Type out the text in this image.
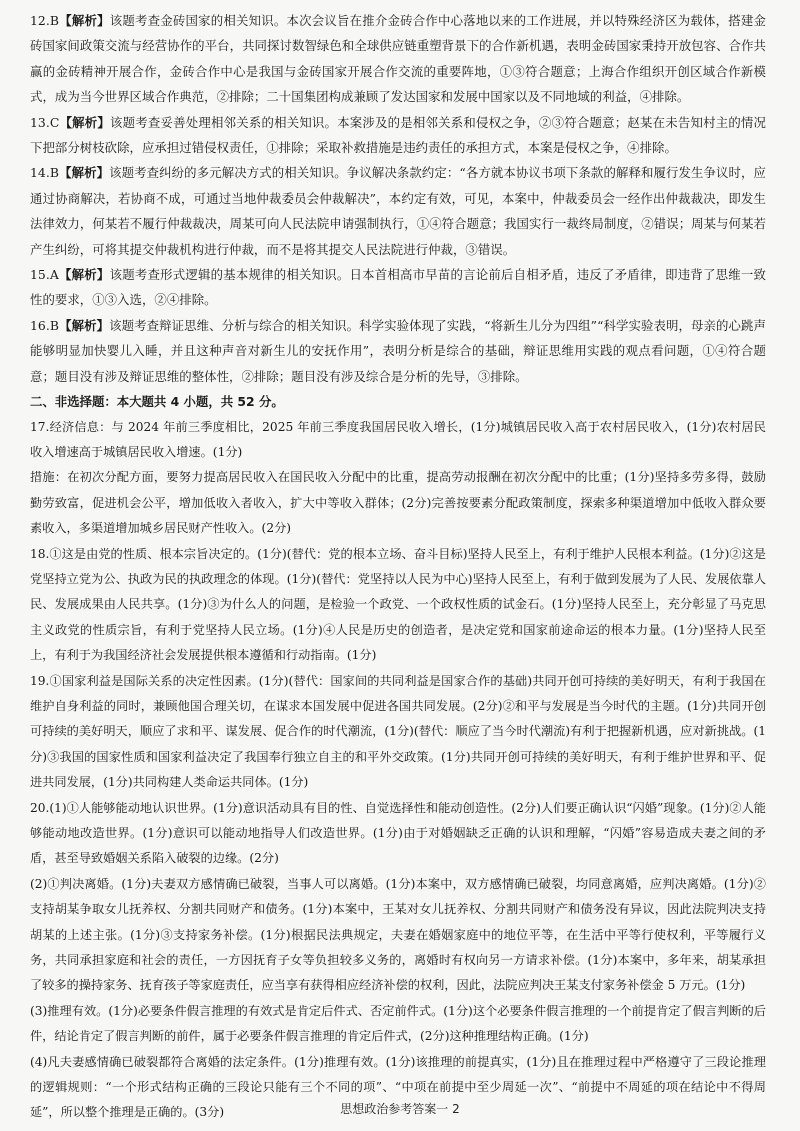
12.B【解析】该题考查金砖国家的相关知识。本次会议旨在推介金砖合作中心落地以来的工作进展，并以特殊经济区为载体，搭建金砖国家间政策交流与经营协作的平台，共同探讨数智绿色和全球供应链重塑背景下的合作新机遇，表明金砖国家秉持开放包容、合作共赢的金砖精神开展合作，金砖合作中心是我国与金砖国家开展合作交流的重要阵地，①③符合题意；上海合作组织开创区域合作新模式，成为当今世界区域合作典范，②排除；二十国集团构成兼顾了发达国家和发展中国家以及不同地域的利益，④排除。

13.C【解析】该题考查妥善处理相邻关系的相关知识。本案涉及的是相邻关系和侵权之争，②③符合题意；赵某在未告知村主的情况下把部分树枝砍除，应承担过错侵权责任，①排除；采取补救措施是违约责任的承担方式，本案是侵权之争，④排除。

14.B【解析】该题考查纠纷的多元解决方式的相关知识。争议解决条款约定：“各方就本协议书项下条款的解释和履行发生争议时，应通过协商解决，若协商不成，可通过当地仲裁委员会仲裁解决”，本约定有效，可见，本案中，仲裁委员会一经作出仲裁裁决，即发生法律效力，何某若不履行仲裁裁决，周某可向人民法院申请强制执行，①④符合题意；我国实行一裁终局制度，②错误；周某与何某若产生纠纷，可将其提交仲裁机构进行仲裁，而不是将其提交人民法院进行仲裁，③错误。

15.A【解析】该题考查形式逻辑的基本规律的相关知识。日本首相高市早苗的言论前后自相矛盾，违反了矛盾律，即违背了思维一致性的要求，①③入选，②④排除。

16.B【解析】该题考查辩证思维、分析与综合的相关知识。科学实验体现了实践，“将新生儿分为四组”“科学实验表明，母亲的心跳声能够明显加快婴儿入睡，并且这种声音对新生儿的安抚作用”，表明分析是综合的基础，辩证思维用实践的观点看问题，①④符合题意；题目没有涉及辩证思维的整体性，②排除；题目没有涉及综合是分析的先导，③排除。

二、非选择题：本大题共 4 小题，共 52 分。

17.经济信息：与 2024 年前三季度相比，2025 年前三季度我国居民收入增长，(1分)城镇居民收入高于农村居民收入，(1分)农村居民收入增速高于城镇居民收入增速。(1分)

措施：在初次分配方面，要努力提高居民收入在国民收入分配中的比重，提高劳动报酬在初次分配中的比重；(1分)坚持多劳多得，鼓励勤劳致富，促进机会公平，增加低收入者收入，扩大中等收入群体；(2分)完善按要素分配政策制度，探索多种渠道增加中低收入群众要素收入，多渠道增加城乡居民财产性收入。(2分)

18.①这是由党的性质、根本宗旨决定的。(1分)(替代：党的根本立场、奋斗目标)坚持人民至上，有利于维护人民根本利益。(1分)②这是党坚持立党为公、执政为民的执政理念的体现。(1分)(替代：党坚持以人民为中心)坚持人民至上，有利于做到发展为了人民、发展依靠人民、发展成果由人民共享。(1分)③为什么人的问题，是检验一个政党、一个政权性质的试金石。(1分)坚持人民至上，充分彰显了马克思主义政党的性质宗旨，有利于党坚持人民立场。(1分)④人民是历史的创造者，是决定党和国家前途命运的根本力量。(1分)坚持人民至上，有利于为我国经济社会发展提供根本遵循和行动指南。(1分)

19.①国家利益是国际关系的决定性因素。(1分)(替代：国家间的共同利益是国家合作的基础)共同开创可持续的美好明天，有利于我国在维护自身利益的同时，兼顾他国合理关切，在谋求本国发展中促进各国共同发展。(2分)②和平与发展是当今时代的主题。(1分)共同开创可持续的美好明天，顺应了求和平、谋发展、促合作的时代潮流，(1分)(替代：顺应了当今时代潮流)有利于把握新机遇，应对新挑战。(1分)③我国的国家性质和国家利益决定了我国奉行独立自主的和平外交政策。(1分)共同开创可持续的美好明天，有利于维护世界和平、促进共同发展，(1分)共同构建人类命运共同体。(1分)

20.(1)①人能够能动地认识世界。(1分)意识活动具有目的性、自觉选择性和能动创造性。(2分)人们要正确认识“闪婚”现象。(1分)②人能够能动地改造世界。(1分)意识可以能动地指导人们改造世界。(1分)由于对婚姻缺乏正确的认识和理解，“闪婚”容易造成夫妻之间的矛盾，甚至导致婚姻关系陷入破裂的边缘。(2分)

(2)①判决离婚。(1分)夫妻双方感情确已破裂，当事人可以离婚。(1分)本案中，双方感情确已破裂，均同意离婚，应判决离婚。(1分)②支持胡某争取女儿抚养权、分割共同财产和债务。(1分)本案中，王某对女儿抚养权、分割共同财产和债务没有异议，因此法院判决支持胡某的上述主张。(1分)③支持家务补偿。(1分)根据民法典规定，夫妻在婚姻家庭中的地位平等，在生活中平等行使权利，平等履行义务，共同承担家庭和社会的责任，一方因抚育子女等负担较多义务的，离婚时有权向另一方请求补偿。(1分)本案中，多年来，胡某承担了较多的操持家务、抚育孩子等家庭责任，应当享有获得相应经济补偿的权利，因此，法院应判决王某支付家务补偿金 5 万元。(1分)

(3)推理有效。(1分)必要条件假言推理的有效式是肯定后件式、否定前件式。(1分)这个必要条件假言推理的一个前提肯定了假言判断的后件，结论肯定了假言判断的前件，属于必要条件假言推理的肯定后件式，(2分)这种推理结构正确。(1分)

(4)凡夫妻感情确已破裂都符合离婚的法定条件。(1分)推理有效。(1分)该推理的前提真实，(1分)且在推理过程中严格遵守了三段论推理的逻辑规则：“一个形式结构正确的三段论只能有三个不同的项”、“中项在前提中至少周延一次”、“前提中不周延的项在结论中不得周延”，所以整个推理是正确的。(3分)	思想政治参考答案一 2
